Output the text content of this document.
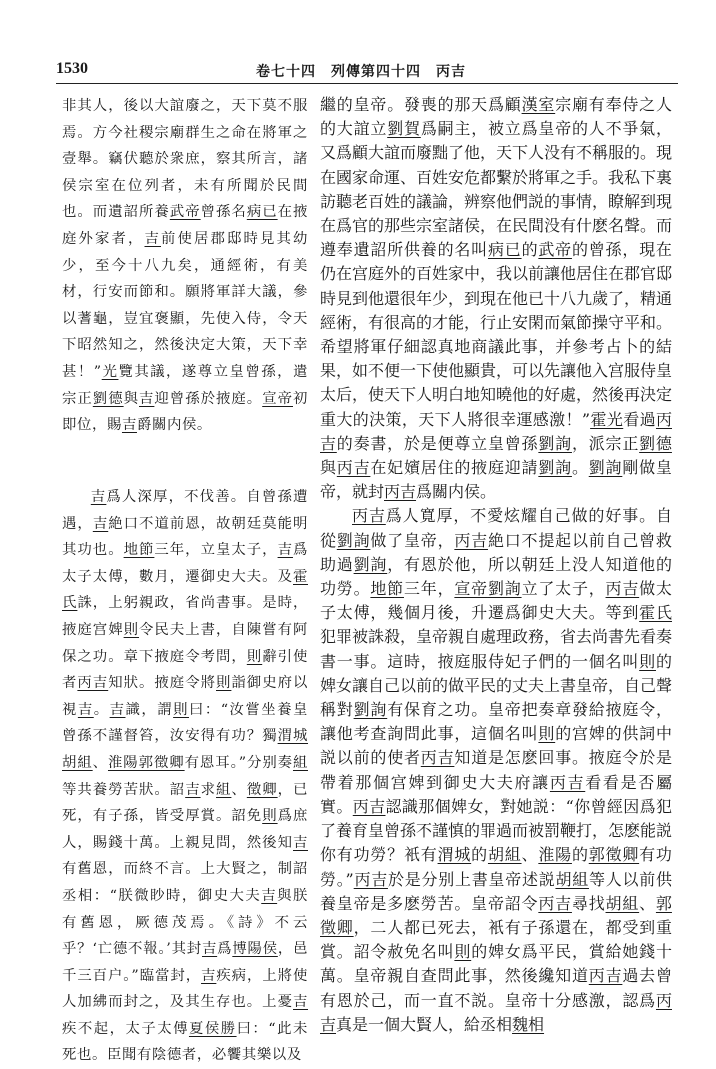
1530	卷七十四　列傳第四十四　丙吉

非其人，後以大誼廢之，天下莫不服焉。方今社稷宗廟群生之命在將軍之壹舉。竊伏聽於衆庶，察其所言，諸侯宗室在位列者，未有所聞於民間也。而遺詔所養武帝曾孫名病已在掖庭外家者，吉前使居郡邸時見其幼少，至今十八九矣，通經術，有美材，行安而節和。願將軍詳大議，參以蓍龜，豈宜褒顯，先使入侍，令天下昭然知之，然後決定大策，天下幸甚！”光覽其議，遂尊立皇曾孫，遣宗正劉德與吉迎曾孫於掖庭。宣帝初即位，賜吉爵關内侯。

吉爲人深厚，不伐善。自曾孫遭遇，吉絶口不道前恩，故朝廷莫能明其功也。地節三年，立皇太子，吉爲太子太傅，數月，遷御史大夫。及霍氏誅，上躬親政，省尚書事。是時，掖庭宫婢則令民夫上書，自陳嘗有阿保之功。章下掖庭令考問，則辭引使者丙吉知狀。掖庭令將則詣御史府以視吉。吉識，謂則曰：“汝嘗坐養皇曾孫不謹督笞，汝安得有功？獨渭城胡組、淮陽郭徵卿有恩耳。”分别奏組等共養勞苦狀。詔吉求組、徵卿，已死，有子孫，皆受厚賞。詔免則爲庶人，賜錢十萬。上親見問，然後知吉有舊恩，而終不言。上大賢之，制詔丞相：“朕微眇時，御史大夫吉與朕有舊恩，厥德茂焉。《詩》不云乎？‘亡德不報。’其封吉爲博陽侯，邑千三百户。”臨當封，吉疾病，上將使人加紼而封之，及其生存也。上憂吉疾不起，太子太傅夏侯勝曰：“此未死也。臣聞有陰德者，必饗其樂以及

繼的皇帝。發喪的那天爲顧漢室宗廟有奉侍之人的大誼立劉賀爲嗣主，被立爲皇帝的人不爭氣，又爲顧大誼而廢黜了他，天下人没有不稱服的。現在國家命運、百姓安危都繫於將軍之手。我私下裏訪聽老百姓的議論，辨察他們説的事情，瞭解到現在爲官的那些宗室諸侯，在民間没有什麽名聲。而遵奉遺詔所供養的名叫病已的武帝的曾孫，現在仍在宫庭外的百姓家中，我以前讓他居住在郡官邸時見到他還很年少，到現在他已十八九歲了，精通經術，有很高的才能，行止安閑而氣節操守平和。希望將軍仔細認真地商議此事，并參考占卜的結果，如不便一下使他顯貴，可以先讓他入宫服侍皇太后，使天下人明白地知曉他的好處，然後再決定重大的決策，天下人將很幸運感激！”霍光看過丙吉的奏書，於是便尊立皇曾孫劉詢，派宗正劉德與丙吉在妃嬪居住的掖庭迎請劉詢。劉詢剛做皇帝，就封丙吉爲關内侯。

丙吉爲人寬厚，不愛炫耀自己做的好事。自從劉詢做了皇帝，丙吉絶口不提起以前自己曾救助過劉詢，有恩於他，所以朝廷上没人知道他的功勞。地節三年，宣帝劉詢立了太子，丙吉做太子太傅，幾個月後，升遷爲御史大夫。等到霍氏犯罪被誅殺，皇帝親自處理政務，省去尚書先看奏書一事。這時，掖庭服侍妃子們的一個名叫則的婢女讓自己以前的做平民的丈夫上書皇帝，自己聲稱對劉詢有保育之功。皇帝把奏章發給掖庭令，讓他考查詢問此事，這個名叫則的宫婢的供詞中説以前的使者丙吉知道是怎麽回事。掖庭令於是帶着那個宫婢到御史大夫府讓丙吉看看是否屬實。丙吉認識那個婢女，對她説：“你曾經因爲犯了養育皇曾孫不謹慎的罪過而被罰鞭打，怎麽能説你有功勞？衹有渭城的胡組、淮陽的郭徵卿有功勞。”丙吉於是分别上書皇帝述説胡組等人以前供養皇帝是多麽勞苦。皇帝詔令丙吉尋找胡組、郭徵卿，二人都已死去，衹有子孫還在，都受到重賞。詔令赦免名叫則的婢女爲平民，賞給她錢十萬。皇帝親自查問此事，然後纔知道丙吉過去曾有恩於己，而一直不説。皇帝十分感激，認爲丙吉真是一個大賢人，給丞相魏相
